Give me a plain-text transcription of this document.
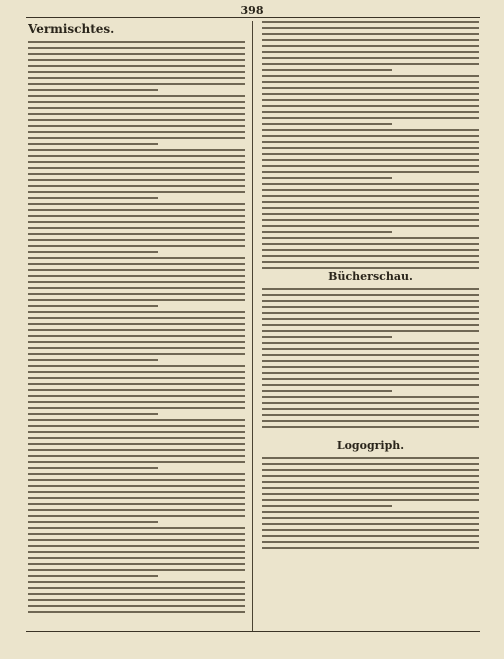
398
Vermischtes.
Bücherschau.
Logogriph.
